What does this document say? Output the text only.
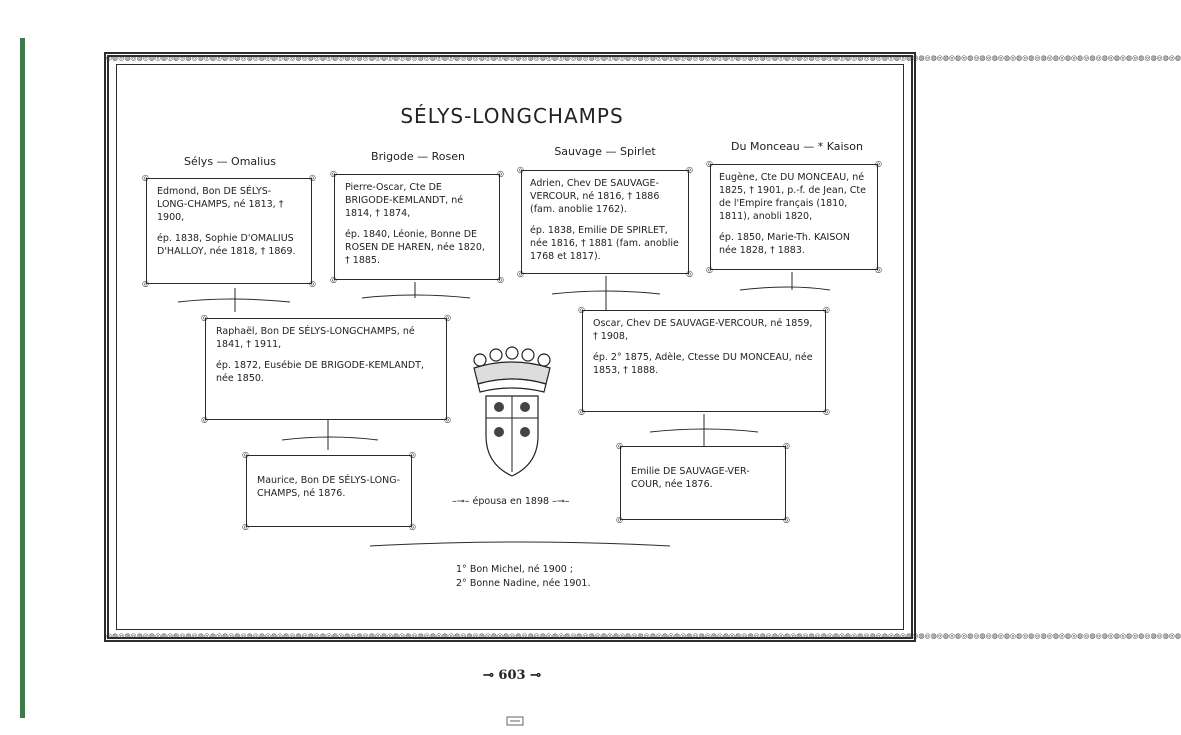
◎◍◎◍◎◍◎◍◎◍◎◍◎◍◎◍◎◍◎◍◎◍◎◍◎◍◎◍◎◍◎◍◎◍◎◍◎◍◎◍◎◍◎◍◎◍◎◍◎◍◎◍◎◍◎◍◎◍◎◍◎◍◎◍◎◍◎◍◎◍◎◍◎◍◎◍◎◍◎◍◎◍◎◍◎◍◎◍◎◍◎◍◎◍◎◍◎◍◎◍◎◍◎◍◎◍◎◍◎◍◎◍◎◍◎◍◎◍◎◍◎◍◎◍◎◍◎◍◎◍◎◍◎◍◎◍◎◍◎◍◎◍◎◍◎◍◎◍◎◍◎◍◎◍◎◍◎◍◎◍◎◍◎◍◎◍◎◍◎◍◎◍◎◍◎◍
◎◍◎◍◎◍◎◍◎◍◎◍◎◍◎◍◎◍◎◍◎◍◎◍◎◍◎◍◎◍◎◍◎◍◎◍◎◍◎◍◎◍◎◍◎◍◎◍◎◍◎◍◎◍◎◍◎◍◎◍◎◍◎◍◎◍◎◍◎◍◎◍◎◍◎◍◎◍◎◍◎◍◎◍◎◍◎◍◎◍◎◍◎◍◎◍◎◍◎◍◎◍◎◍◎◍◎◍◎◍◎◍◎◍◎◍◎◍◎◍◎◍◎◍◎◍◎◍◎◍◎◍◎◍◎◍◎◍◎◍◎◍◎◍◎◍◎◍◎◍◎◍◎◍◎◍◎◍◎◍◎◍◎◍◎◍◎◍◎◍◎◍◎◍◎◍
SÉLYS-LONGCHAMPS
Sélys — Omalius	Brigode — Rosen	Sauvage — Spirlet	Du Monceau — * Kaison
◎	◎
◎	◎

Edmond, Bon DE SÉLYS-LONG-CHAMPS, né 1813, † 1900,

ép. 1838, Sophie D'OMALIUS D'HALLOY, née 1818, † 1869.

◎	◎
◎	◎

Pierre-Oscar, Cte DE BRIGODE-KEMLANDT, né 1814, † 1874,

ép. 1840, Léonie, Bonne DE ROSEN DE HAREN, née 1820, † 1885.

◎	◎
◎	◎

Adrien, Chev DE SAUVAGE-VERCOUR, né 1816, † 1886 (fam. anoblie 1762).

ép. 1838, Emilie DE SPIRLET, née 1816, † 1881 (fam. anoblie 1768 et 1817).

◎	◎
◎	◎

Eugène, Cte DU MONCEAU, né 1825, † 1901, p.-f. de Jean, Cte de l'Empire français (1810, 1811), anobli 1820,

ép. 1850, Marie-Th. KAISON née 1828, † 1883.

◎	◎
◎	◎

Raphaël, Bon DE SÉLYS-LONGCHAMPS, né 1841, † 1911,

ép. 1872, Eusébie DE BRIGODE-KEMLANDT, née 1850.

◎	◎
◎	◎

Oscar, Chev DE SAUVAGE-VERCOUR, né 1859, † 1908,

ép. 2° 1875, Adèle, Ctesse DU MONCEAU, née 1853, † 1888.

◎	◎
◎	◎

Maurice, Bon DE SÉLYS-LONG-CHAMPS, né 1876.

◎	◎
◎	◎

Emilie DE SAUVAGE-VER-COUR, née 1876.

–⊸– épousa en 1898 –⊸–
1° Bon Michel, né 1900 ;
2° Bonne Nadine, née 1901.
⊸ 603 ⊸
